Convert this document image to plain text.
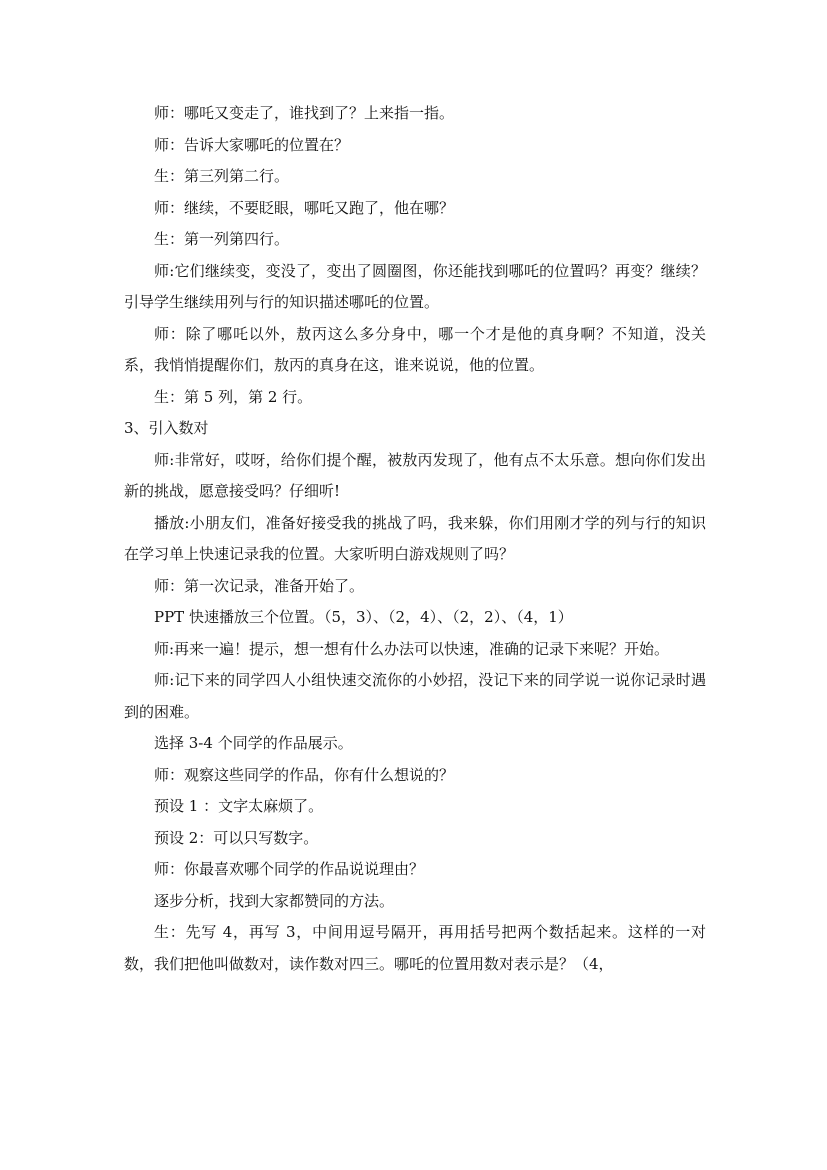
师：哪吒又变走了，谁找到了？上来指一指。

师：告诉大家哪吒的位置在？

生：第三列第二行。

师：继续，不要眨眼，哪吒又跑了，他在哪？

生：第一列第四行。

师:它们继续变，变没了，变出了圆圈图，你还能找到哪吒的位置吗？再变？继续？引导学生继续用列与行的知识描述哪吒的位置。

师：除了哪吒以外，敖丙这么多分身中，哪一个才是他的真身啊？不知道，没关系，我悄悄提醒你们，敖丙的真身在这，谁来说说，他的位置。

生：第 5 列，第 2 行。

3、引入数对

师:非常好，哎呀，给你们提个醒，被敖丙发现了，他有点不太乐意。想向你们发出新的挑战，愿意接受吗？仔细听!

播放:小朋友们，准备好接受我的挑战了吗，我来躲，你们用刚才学的列与行的知识在学习单上快速记录我的位置。大家听明白游戏规则了吗？

师：第一次记录，准备开始了。

PPT 快速播放三个位置。（5，3）、（2，4）、（2，2）、（4，1）

师:再来一遍！提示，想一想有什么办法可以快速，准确的记录下来呢？开始。

师:记下来的同学四人小组快速交流你的小妙招，没记下来的同学说一说你记录时遇到的困难。

选择 3-4 个同学的作品展示。

师：观察这些同学的作品，你有什么想说的？

预设 1 ：文字太麻烦了。

预设 2：可以只写数字。

师：你最喜欢哪个同学的作品说说理由？

逐步分析，找到大家都赞同的方法。

生：先写 4，再写 3，中间用逗号隔开，再用括号把两个数括起来。这样的一对数，我们把他叫做数对，读作数对四三。哪吒的位置用数对表示是？（4，
